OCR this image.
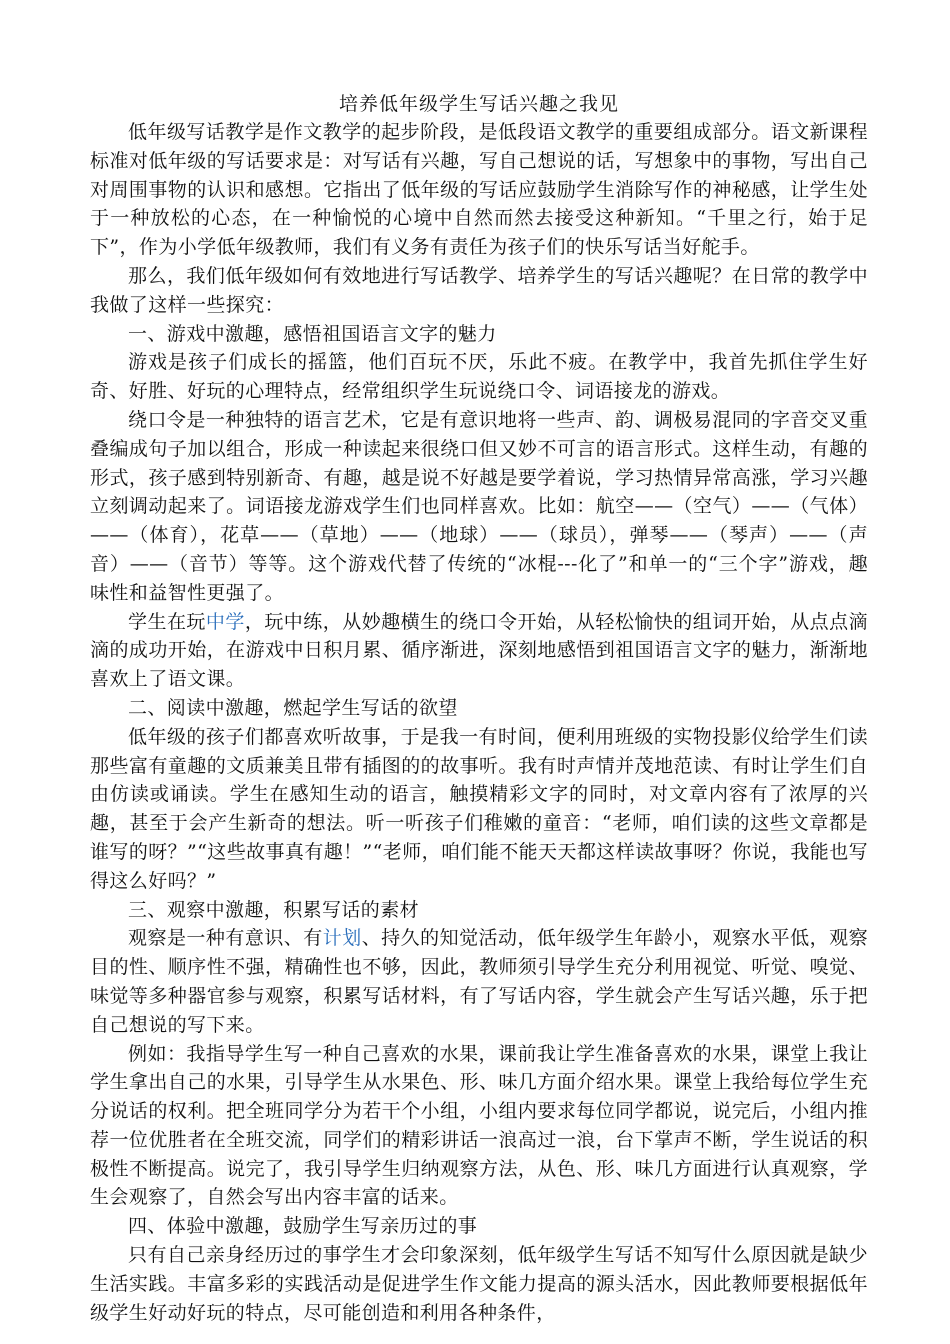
培养低年级学生写话兴趣之我见

低年级写话教学是作文教学的起步阶段，是低段语文教学的重要组成部分。语文新课程标准对低年级的写话要求是：对写话有兴趣，写自己想说的话，写想象中的事物，写出自己对周围事物的认识和感想。它指出了低年级的写话应鼓励学生消除写作的神秘感，让学生处于一种放松的心态，在一种愉悦的心境中自然而然去接受这种新知。“千里之行，始于足下”，作为小学低年级教师，我们有义务有责任为孩子们的快乐写话当好舵手。

那么，我们低年级如何有效地进行写话教学、培养学生的写话兴趣呢？在日常的教学中我做了这样一些探究：

一、游戏中激趣，感悟祖国语言文字的魅力

游戏是孩子们成长的摇篮，他们百玩不厌，乐此不疲。在教学中，我首先抓住学生好奇、好胜、好玩的心理特点，经常组织学生玩说绕口令、词语接龙的游戏。

绕口令是一种独特的语言艺术，它是有意识地将一些声、韵、调极易混同的字音交叉重叠编成句子加以组合，形成一种读起来很绕口但又妙不可言的语言形式。这样生动，有趣的形式，孩子感到特别新奇、有趣，越是说不好越是要学着说，学习热情异常高涨，学习兴趣立刻调动起来了。词语接龙游戏学生们也同样喜欢。比如：航空——（空气）——（气体）——（体育），花草——（草地）——（地球）——（球员），弹琴——（琴声）——（声音）——（音节）等等。这个游戏代替了传统的“冰棍---化了”和单一的“三个字”游戏，趣味性和益智性更强了。

学生在玩中学，玩中练，从妙趣横生的绕口令开始，从轻松愉快的组词开始，从点点滴滴的成功开始，在游戏中日积月累、循序渐进，深刻地感悟到祖国语言文字的魅力，渐渐地喜欢上了语文课。

二、阅读中激趣，燃起学生写话的欲望

低年级的孩子们都喜欢听故事，于是我一有时间，便利用班级的实物投影仪给学生们读那些富有童趣的文质兼美且带有插图的的故事听。我有时声情并茂地范读、有时让学生们自由仿读或诵读。学生在感知生动的语言，触摸精彩文字的同时，对文章内容有了浓厚的兴趣，甚至于会产生新奇的想法。听一听孩子们稚嫩的童音：“老师，咱们读的这些文章都是谁写的呀？”“这些故事真有趣！”“老师，咱们能不能天天都这样读故事呀？你说，我能也写得这么好吗？”

三、观察中激趣，积累写话的素材

观察是一种有意识、有计划、持久的知觉活动，低年级学生年龄小，观察水平低，观察目的性、顺序性不强，精确性也不够，因此，教师须引导学生充分利用视觉、听觉、嗅觉、味觉等多种器官参与观察，积累写话材料，有了写话内容，学生就会产生写话兴趣，乐于把自己想说的写下来。

例如：我指导学生写一种自己喜欢的水果，课前我让学生准备喜欢的水果，课堂上我让学生拿出自己的水果，引导学生从水果色、形、味几方面介绍水果。课堂上我给每位学生充分说话的权利。把全班同学分为若干个小组，小组内要求每位同学都说，说完后，小组内推荐一位优胜者在全班交流，同学们的精彩讲话一浪高过一浪，台下掌声不断，学生说话的积极性不断提高。说完了，我引导学生归纳观察方法，从色、形、味几方面进行认真观察，学生会观察了，自然会写出内容丰富的话来。

四、体验中激趣，鼓励学生写亲历过的事

只有自己亲身经历过的事学生才会印象深刻，低年级学生写话不知写什么原因就是缺少生活实践。丰富多彩的实践活动是促进学生作文能力提高的源头活水，因此教师要根据低年级学生好动好玩的特点，尽可能创造和利用各种条件，
